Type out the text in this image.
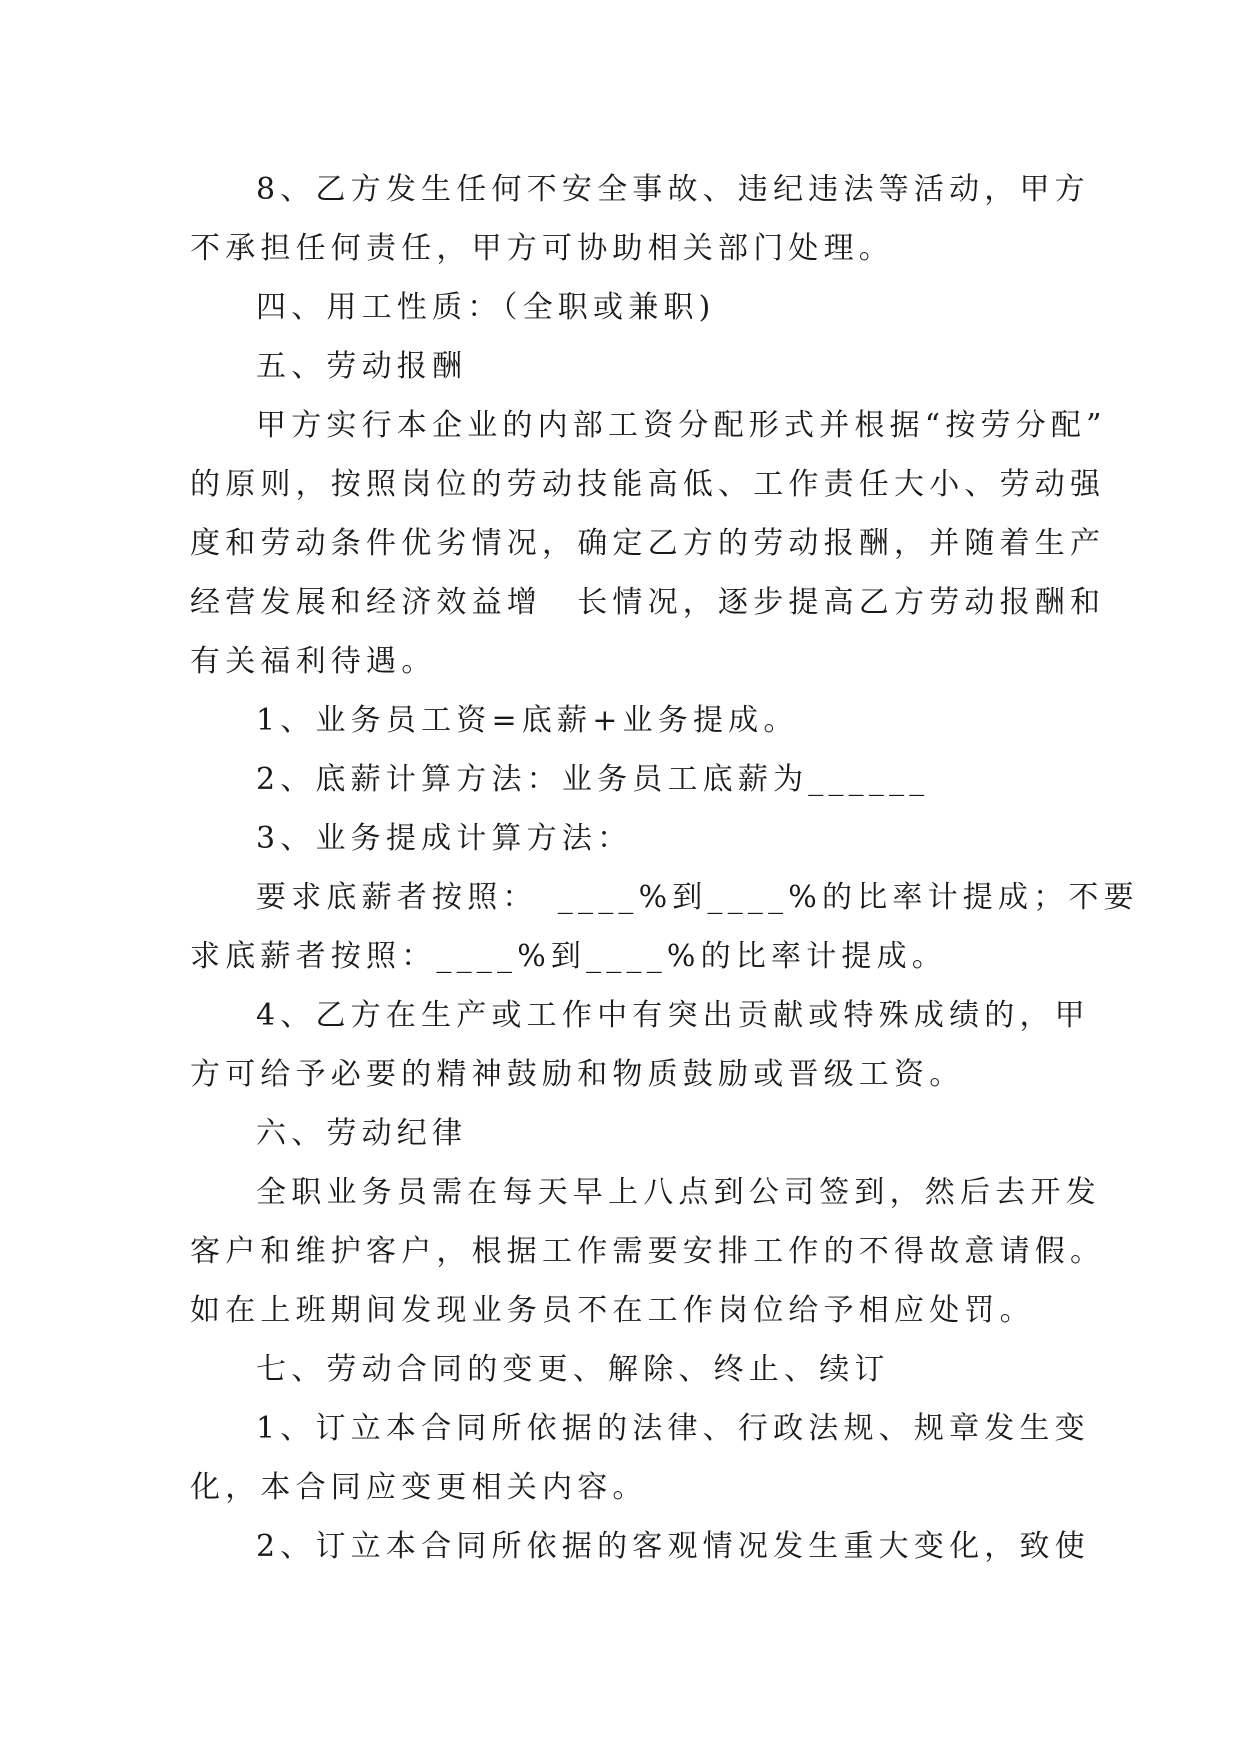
8、乙方发生任何不安全事故、违纪违法等活动，甲方
不承担任何责任，甲方可协助相关部门处理。
四、用工性质：（全职或兼职)
五、劳动报酬
甲方实行本企业的内部工资分配形式并根据“按劳分配”
的原则，按照岗位的劳动技能高低、工作责任大小、劳动强
度和劳动条件优劣情况，确定乙方的劳动报酬，并随着生产
经营发展和经济效益增　长情况，逐步提高乙方劳动报酬和
有关福利待遇。
1、业务员工资=底薪+业务提成。
2、底薪计算方法：业务员工底薪为______
3、业务提成计算方法：
要求底薪者按照：　____%到____%的比率计提成；不要
求底薪者按照：____%到____%的比率计提成。
4、乙方在生产或工作中有突出贡献或特殊成绩的，甲
方可给予必要的精神鼓励和物质鼓励或晋级工资。
六、劳动纪律
全职业务员需在每天早上八点到公司签到，然后去开发
客户和维护客户，根据工作需要安排工作的不得故意请假。
如在上班期间发现业务员不在工作岗位给予相应处罚。
七、劳动合同的变更、解除、终止、续订
1、订立本合同所依据的法律、行政法规、规章发生变
化，本合同应变更相关内容。
2、订立本合同所依据的客观情况发生重大变化，致使
